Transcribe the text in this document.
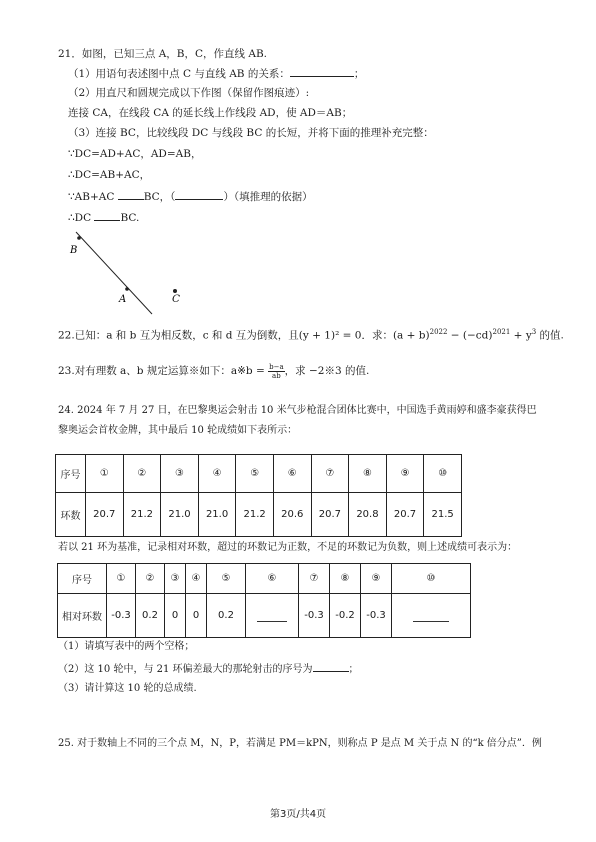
21．如图，已知三点 A，B，C，作直线 AB.
（1）用语句表述图中点 C 与直线 AB 的关系：	；
（2）用直尺和圆规完成以下作图（保留作图痕迹）:
连接 CA，在线段 CA 的延长线上作线段 AD，使 AD＝AB；
（3）连接 BC，比较线段 DC 与线段 BC 的长短，并将下面的推理补充完整：
∵DC=AD+AC，AD=AB，
∴DC=AB+AC，
∵AB+AC BC，（	）（填推理的依据）
∴DC BC.
B
A	C
22.已知：a 和 b 互为相反数，c 和 d 互为倒数，且(y + 1)² = 0．求：$(a + b)^{2022} - (-cd)^{2021} + y^3$ 的值.
23.对有理数 a、b 规定运算※如下：a※b = $\frac{b-a}{ab}$ ，求 −2※3 的值.
24. 2024 年 7 月 27 日，在巴黎奥运会射击 10 米气步枪混合团体比赛中，中国选手黄雨婷和盛李豪获得巴
黎奥运会首枚金牌，其中最后 10 轮成绩如下表所示：
序号	①	②	③	④	⑤	⑥	⑦	⑧	⑨	⑩
环数	20.7	21.2	21.0	21.0	21.2	20.6	20.7	20.8	20.7	21.5
若以 21 环为基准，记录相对环数，超过的环数记为正数，不足的环数记为负数，则上述成绩可表示为：
序号	①	②	③	④	⑤	⑥	⑦	⑧	⑨	⑩
相对环数	-0.3	0.2	0	0	0.2		-0.3	-0.2	-0.3	
（1）请填写表中的两个空格；
（2）这 10 轮中，与 21 环偏差最大的那轮射击的序号为	；
（3）请计算这 10 轮的总成绩.
25. 对于数轴上不同的三个点 M，N，P，若满足 PM＝kPN，则称点 P 是点 M 关于点 N 的“k 倍分点”．例
第3页/共4页
